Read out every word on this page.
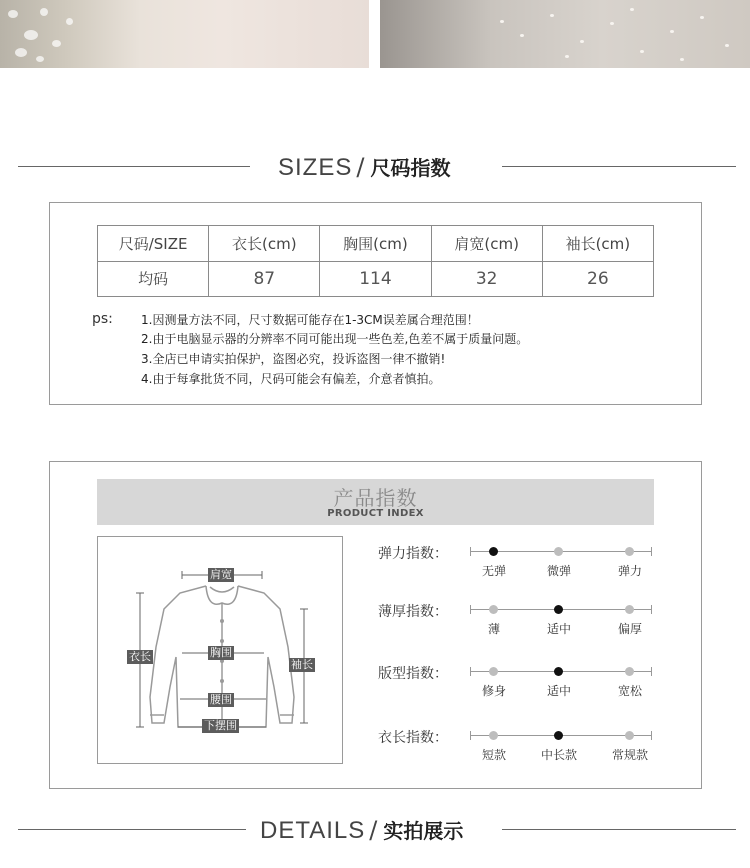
SIZES / 尺码指数
尺码/SIZE	衣长(cm)	胸围(cm)	肩宽(cm)	袖长(cm)
均码	87	114	32	26
ps: 1.因测量方法不同，尺寸数据可能存在1-3CM误差属合理范围！
2.由于电脑显示器的分辨率不同可能出现一些色差,色差不属于质量问题。
3.全店已申请实拍保护，盗图必究，投诉盗图一律不撤销!
4.由于每拿批货不同，尺码可能会有偏差，介意者慎拍。
产品指数
PRODUCT INDEX
肩宽
衣长	胸围
袖长
腰围
下摆围
弹力指数：
无弹	微弹	弹力
薄厚指数：
薄	适中	偏厚
版型指数：
修身	适中	宽松
衣长指数：
短款	中长款	常规款
DETAILS / 实拍展示
